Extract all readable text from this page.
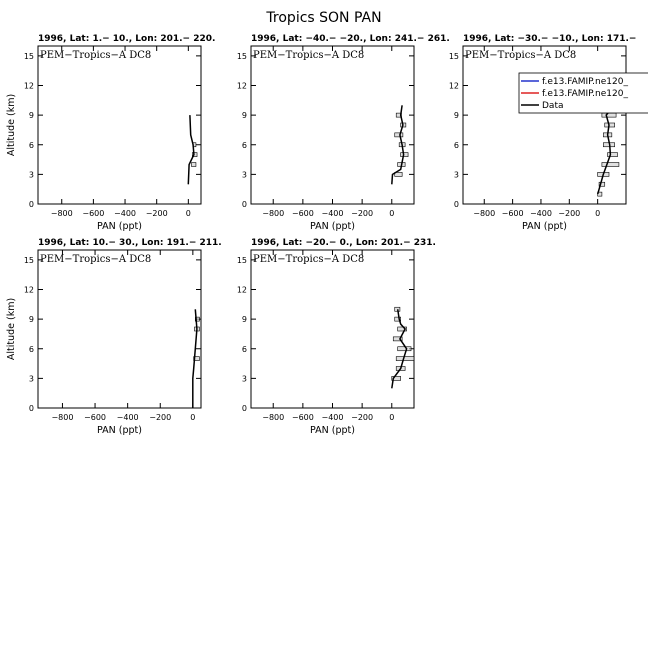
Tropics SON PAN
1996, Lat: 1.− 10., Lon: 201.− 220.
PEM−Tropics−A DC8
−800 −600 −400 −200 0
0
3
6
9
12
15
PAN (ppt)
Altitude (km)
1996, Lat: −40.− −20., Lon: 241.− 261.
PEM−Tropics−A DC8
−800 −600 −400 −200 0
0
3
6
9
12
15
PAN (ppt)
1996, Lat: −30.− −10., Lon: 171.−
PEM−Tropics−A DC8
−800 −600 −400 −200 0
0
3
6
9
12
15
PAN (ppt)
1996, Lat: 10.− 30., Lon: 191.− 211.
PEM−Tropics−A DC8
−800 −600 −400 −200 0
0
3
6
9
12
15
PAN (ppt)
Altitude (km)
1996, Lat: −20.− 0., Lon: 201.− 231.
PEM−Tropics−A DC8
−800 −600 −400 −200 0
0
3
6
9
12
15
PAN (ppt)
f.e13.FAMIP.ne120_
f.e13.FAMIP.ne120_
Data
